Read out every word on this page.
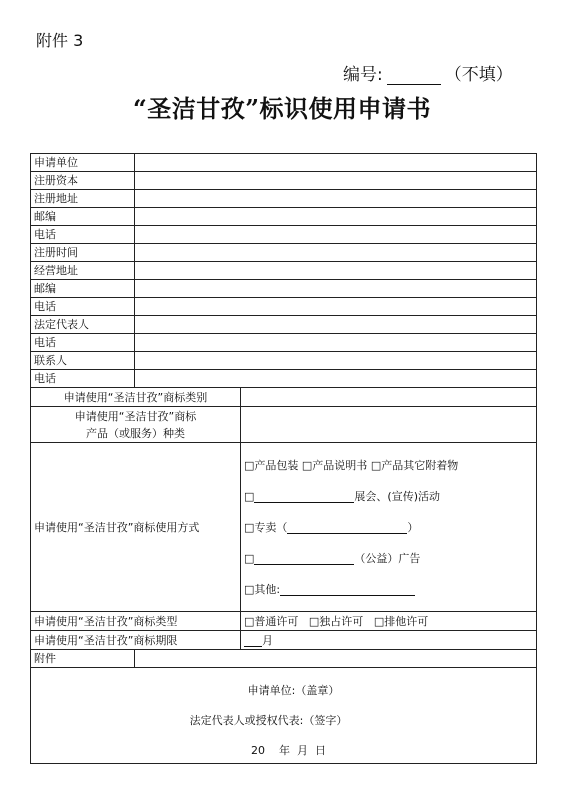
附件 3
编号:	（不填）
“圣洁甘孜”标识使用申请书
申请单位		
注册资本		
注册地址		
邮编		
电话		
注册时间		
经营地址		
邮编		
电话		
法定代表人		
电话		
联系人		
电话		
申请使用“圣洁甘孜”商标类别		

申请使用“圣洁甘孜”商标
产品（或服务）种类		

申请使用“圣洁甘孜”商标使用方式		□产品包装 □产品说明书 □产品其它附着物
□ 展会、(宣传)活动
□专卖（ ）
□ （公益）广告
□其他:

申请使用“圣洁甘孜”商标类型		□普通许可 □独占许可 □排他许可
申请使用“圣洁甘孜”商标期限		月
附件		

申请单位:（盖章）
法定代表人或授权代表:（签字）
20    年  月  日		
